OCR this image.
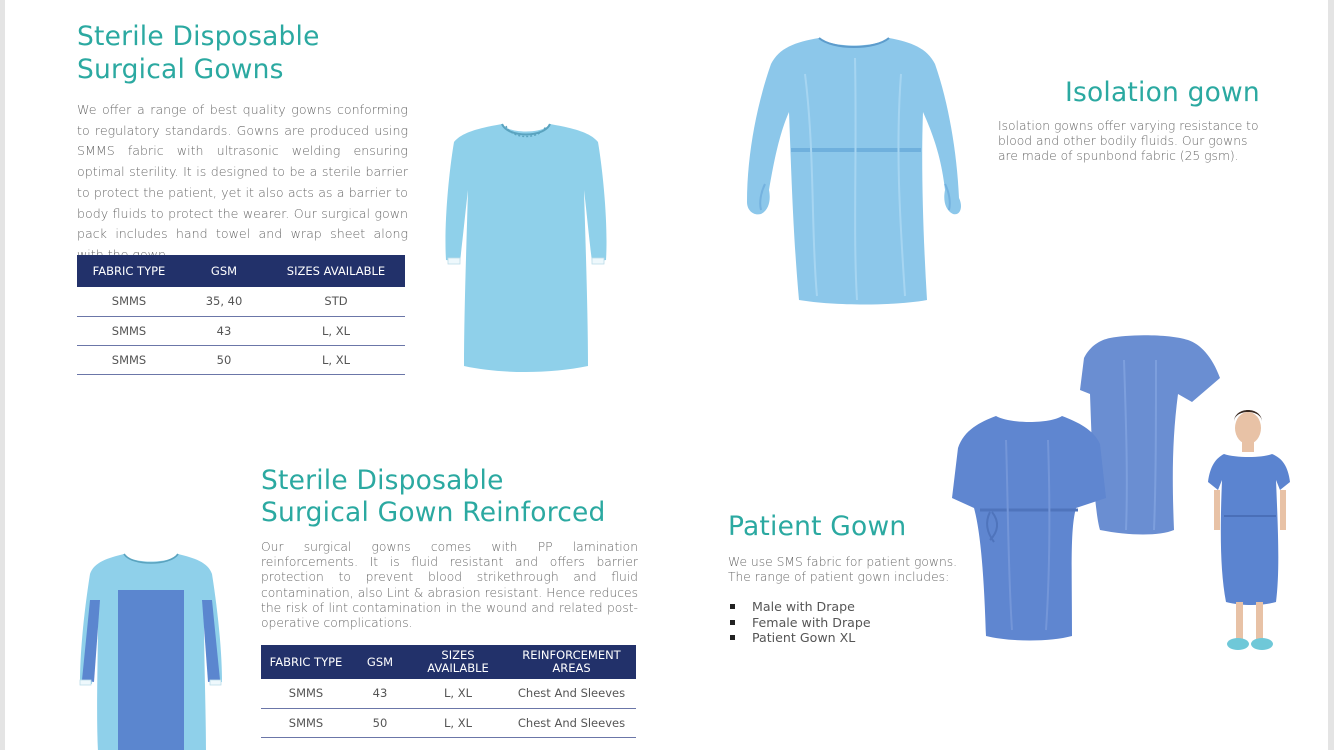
Sterile Disposable
Surgical Gowns

We offer a range of best quality gowns conforming to regulatory standards. Gowns are produced using SMMS fabric with ultrasonic welding ensuring optimal sterility. It is designed to be a sterile barrier to protect the patient, yet it also acts as a barrier to body fluids to protect the wearer. Our surgical gown pack includes hand towel and wrap sheet along

FABRIC TYPE	GSM	SIZES AVAILABLE
SMMS	35, 40	STD
SMMS	43	L, XL
SMMS	50	L, XL
Isolation gown

Isolation gowns offer varying resistance to blood and other bodily fluids. Our gowns are made of spunbond fabric (25 gsm).

Sterile Disposable
Surgical Gown Reinforced

Our surgical gowns comes with PP lamination reinforcements. It is fluid resistant and offers barrier protection to prevent blood strikethrough and fluid contamination, also Lint & abrasion resistant. Hence reduces the risk of lint contamination in the wound and related post-operative complications.

FABRIC TYPE	GSM	SIZES AVAILABLE	REINFORCEMENT AREAS
SMMS	43	L, XL	Chest And Sleeves
SMMS	50	L, XL	Chest And Sleeves
Patient Gown
We use SMS fabric for patient gowns.
The range of patient gown includes:
Male with Drape
Female with Drape
Patient Gown XL
